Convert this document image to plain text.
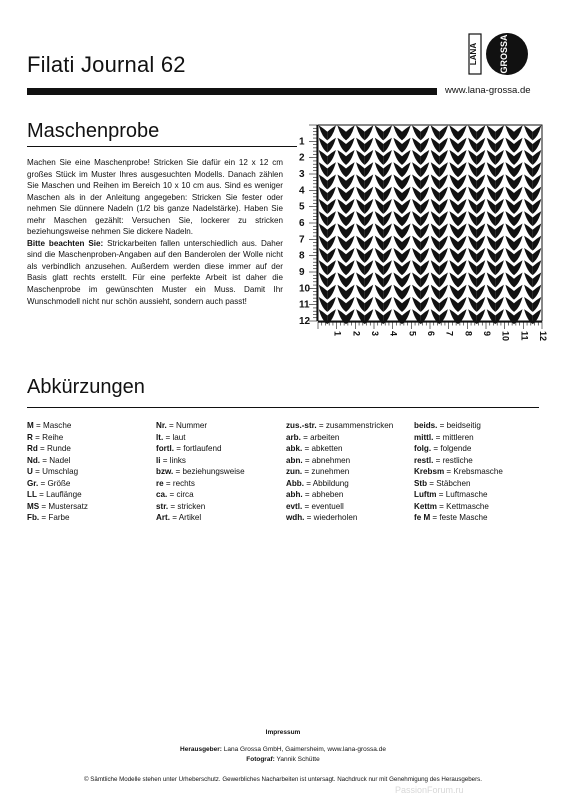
Filati Journal 62	LANA GROSSA
www.lana-grossa.de
Maschenprobe

Machen Sie eine Maschenprobe! Stricken Sie dafür ein 12 x 12 cm großes Stück im Muster Ihres ausgesuchten Modells. Danach zählen Sie Maschen und Reihen im Bereich 10 x 10 cm aus. Sind es weniger Maschen als in der Anleitung angegeben: Stricken Sie fester oder nehmen Sie dünnere Nadeln (1/2 bis ganze Nadelstärke). Haben Sie mehr Maschen gezählt: Versuchen Sie, lockerer zu stricken beziehungsweise nehmen Sie dickere Nadeln.

Bitte beachten Sie: Strickarbeiten fallen unterschiedlich aus. Daher sind die Maschenproben-Angaben auf den Banderolen der Wolle nicht als verbindlich anzusehen. Außerdem werden diese immer auf der Basis glatt rechts erstellt. Für eine perfekte Arbeit ist daher die Maschenprobe im gewünschten Muster ein Muss. Damit Ihr Wunschmodell nicht nur schön aussieht, sondern auch passt!

1
2
3
4
5
6
7
8
9
10
11
12
1 2 3 4 5 6 7 8 9 10 11 12
Abkürzungen
M = Masche
R = Reihe
Rd = Runde
Nd. = Nadel
U = Umschlag
Gr. = Größe
LL = Lauflänge
MS = Mustersatz
Fb. = Farbe
Nr. = Nummer
lt. = laut
fortl. = fortlaufend
li = links
bzw. = beziehungsweise
re = rechts
ca. = circa
str. = stricken
Art. = Artikel
zus.-str. = zusammenstricken
arb. = arbeiten
abk. = abketten
abn. = abnehmen
zun. = zunehmen
Abb. = Abbildung
abh. = abheben
evtl. = eventuell
wdh. = wiederholen
beids. = beidseitig
mittl. = mittleren
folg. = folgende
restl. = restliche
Krebsm = Krebsmasche
Stb = Stäbchen
Luftm = Luftmasche
Kettm = Kettmasche
fe M = feste Masche
Impressum
Herausgeber: Lana Grossa GmbH, Gaimersheim, www.lana-grossa.de
Fotograf: Yannik Schütte
© Sämtliche Modelle stehen unter Urheberschutz. Gewerbliches Nacharbeiten ist untersagt. Nachdruck nur mit Genehmigung des Herausgebers.
PassionForum.ru
